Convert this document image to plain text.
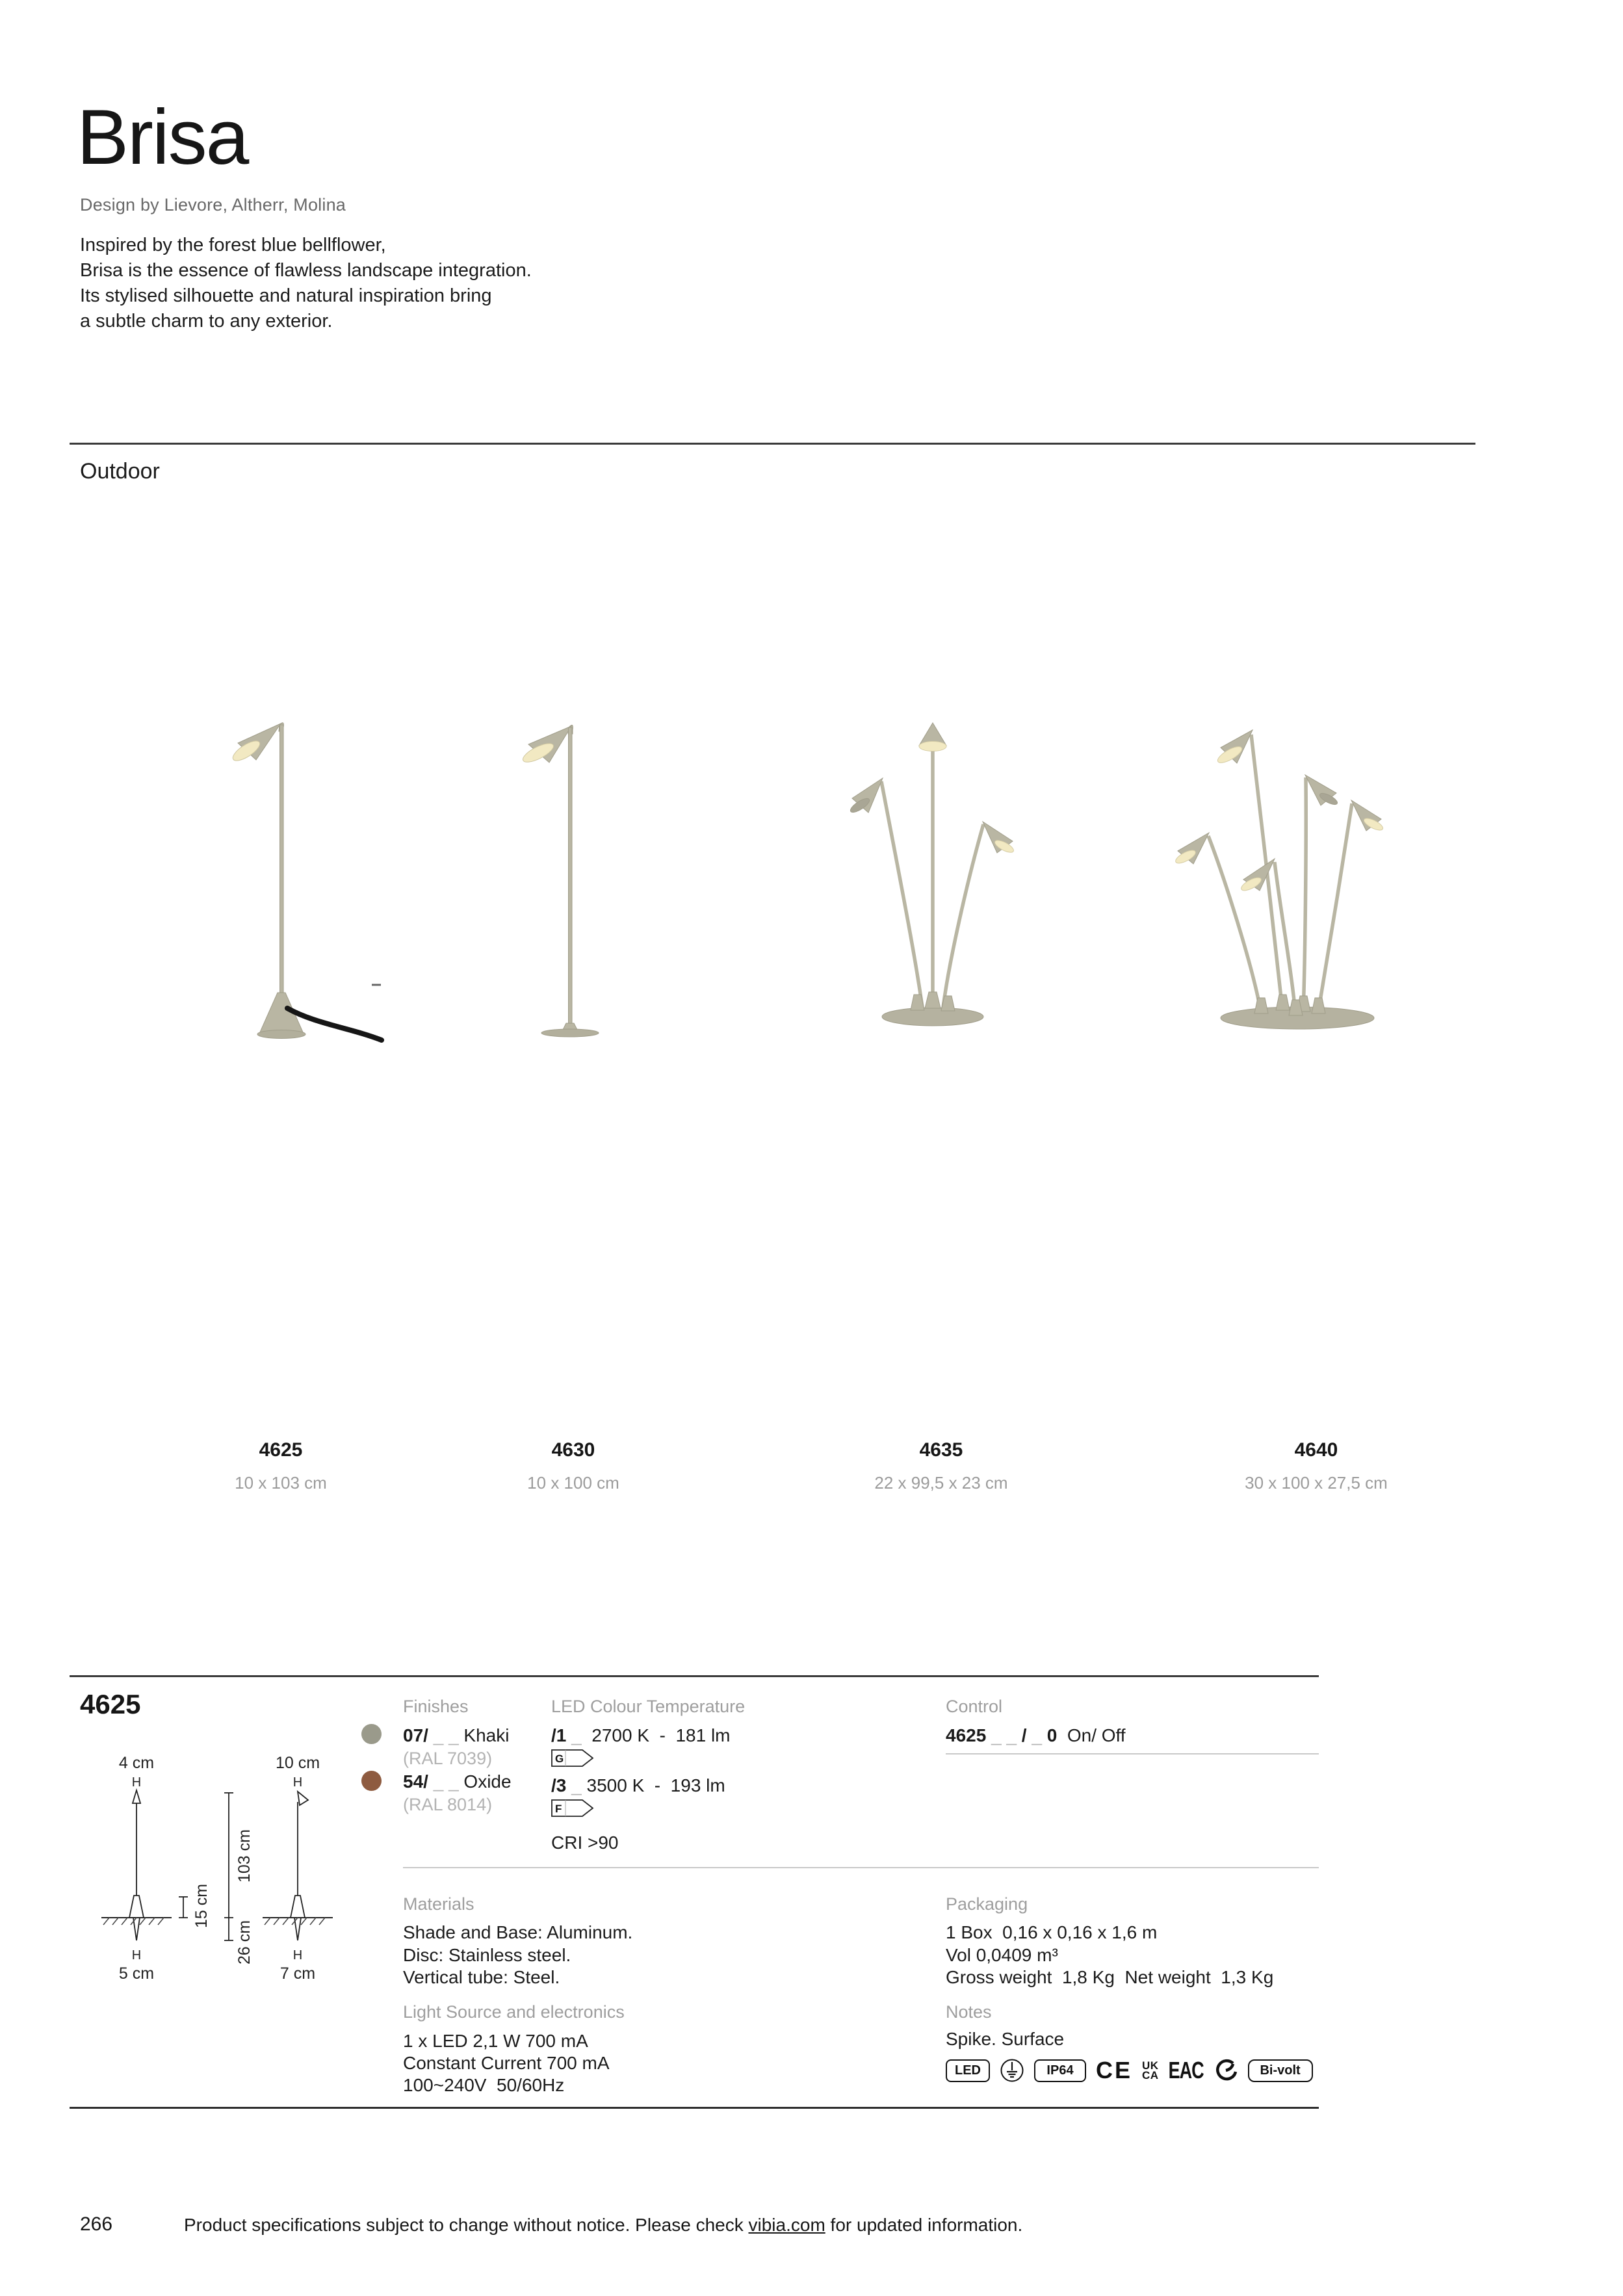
Brisa
Design by Lievore, Altherr, Molina
Inspired by the forest blue bellflower,
Brisa is the essence of flawless landscape integration.
Its stylised silhouette and natural inspiration bring
a subtle charm to any exterior.
Outdoor
4625
10 x 103 cm
4630
10 x 100 cm
4635
22 x 99,5 x 23 cm
4640
30 x 100 x 27,5 cm
4625
4 cm
H
H
5 cm
15 cm
103 cm
26 cm
10 cm
H
H
7 cm
Finishes
07/ _ _ Khaki
(RAL 7039)
54/ _ _ Oxide
(RAL 8014)
LED Colour Temperature
/1 _  2700 K  -  181 lm
G
/3 _ 3500 K  -  193 lm
F
CRI >90
Control
4625 _ _ / _ 0  On/ Off
Materials
Shade and Base: Aluminum.
Disc: Stainless steel.
Vertical tube: Steel.
Light Source and electronics
1 x LED 2,1 W 700 mA
Constant Current 700 mA
100~240V  50/60Hz
Packaging
1 Box  0,16 x 0,16 x 1,6 m
Vol 0,0409 m³
Gross weight  1,8 Kg  Net weight  1,3 Kg
Notes
Spike. Surface
LED	IP64 CE UK
CA EAC	Bi-volt
266	Product specifications subject to change without notice. Please check vibia.com for updated information.
